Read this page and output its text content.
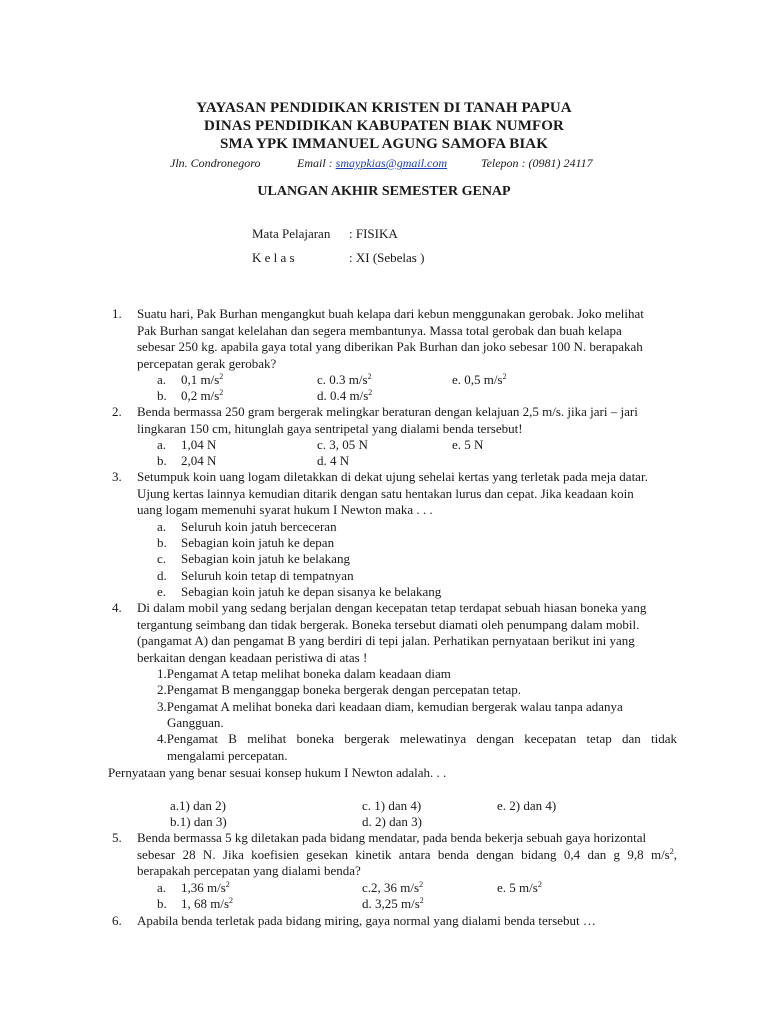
YAYASAN PENDIDIKAN KRISTEN DI TANAH PAPUA
DINAS PENDIDIKAN KABUPATEN BIAK NUMFOR
SMA YPK IMMANUEL AGUNG SAMOFA BIAK
Jln. Condronegoro	Email : smaypkias@gmail.com	Telepon : (0981) 24117
ULANGAN AKHIR SEMESTER GENAP
Mata Pelajaran : FISIKA
K e l a s	: XI (Sebelas )
1. Suatu hari, Pak Burhan mengangkut buah kelapa dari kebun menggunakan gerobak. Joko melihat
Pak Burhan sangat kelelahan dan segera membantunya. Massa total gerobak dan buah kelapa
sebesar 250 kg. apabila gaya total yang diberikan Pak Burhan dan joko sebesar 100 N. berapakah
percepatan gerak gerobak?
a. 0,1 $m/s^2$	c. 0.3 $m/s^2$	e. 0,5 $m/s^2$
b. 0,2 $m/s^2$	d. 0.4 $m/s^2$
2. Benda bermassa 250 gram bergerak melingkar beraturan dengan kelajuan 2,5 m/s. jika jari – jari
lingkaran 150 cm, hitunglah gaya sentripetal yang dialami benda tersebut!
a. 1,04 N	c. 3, 05 N	e. 5 N
b. 2,04 N	d. 4 N
3. Setumpuk koin uang logam diletakkan di dekat ujung sehelai kertas yang terletak pada meja datar.
Ujung kertas lainnya kemudian ditarik dengan satu hentakan lurus dan cepat. Jika keadaan koin
uang logam memenuhi syarat hukum I Newton maka . . .
a. Seluruh koin jatuh berceceran
b. Sebagian koin jatuh ke depan
c. Sebagian koin jatuh ke belakang
d. Seluruh koin tetap di tempatnyan
e. Sebagian koin jatuh ke depan sisanya ke belakang
4. Di dalam mobil yang sedang berjalan dengan kecepatan tetap terdapat sebuah hiasan boneka yang
tergantung seimbang dan tidak bergerak. Boneka tersebut diamati oleh penumpang dalam mobil.
(pangamat A) dan pengamat B yang berdiri di tepi jalan. Perhatikan pernyataan berikut ini yang
berkaitan dengan keadaan peristiwa di atas !
1.Pengamat A tetap melihat boneka dalam keadaan diam
2.Pengamat B menganggap boneka bergerak dengan percepatan tetap.
3.Pengamat A melihat boneka dari keadaan diam, kemudian bergerak walau tanpa adanya
Gangguan.
4.Pengamat B melihat boneka bergerak melewatinya dengan kecepatan tetap dan tidak
mengalami percepatan.
Pernyataan yang benar sesuai konsep hukum I Newton adalah. . .
a.1) dan 2)	c. 1) dan 4)	e. 2) dan 4)
b.1) dan 3)	d. 2) dan 3)
5. Benda bermassa 5 kg diletakan pada bidang mendatar, pada benda bekerja sebuah gaya horizontal
sebesar 28 N. Jika koefisien gesekan kinetik antara benda dengan bidang 0,4 dan g 9,8 $m/s^2$,
berapakah percepatan yang dialami benda?
a. 1,36 $m/s^2$	c.2, 36 $m/s^2$	e. 5 $m/s^2$
b. 1, 68 $m/s^2$	d. 3,25 $m/s^2$
6. Apabila benda terletak pada bidang miring, gaya normal yang dialami benda tersebut …
